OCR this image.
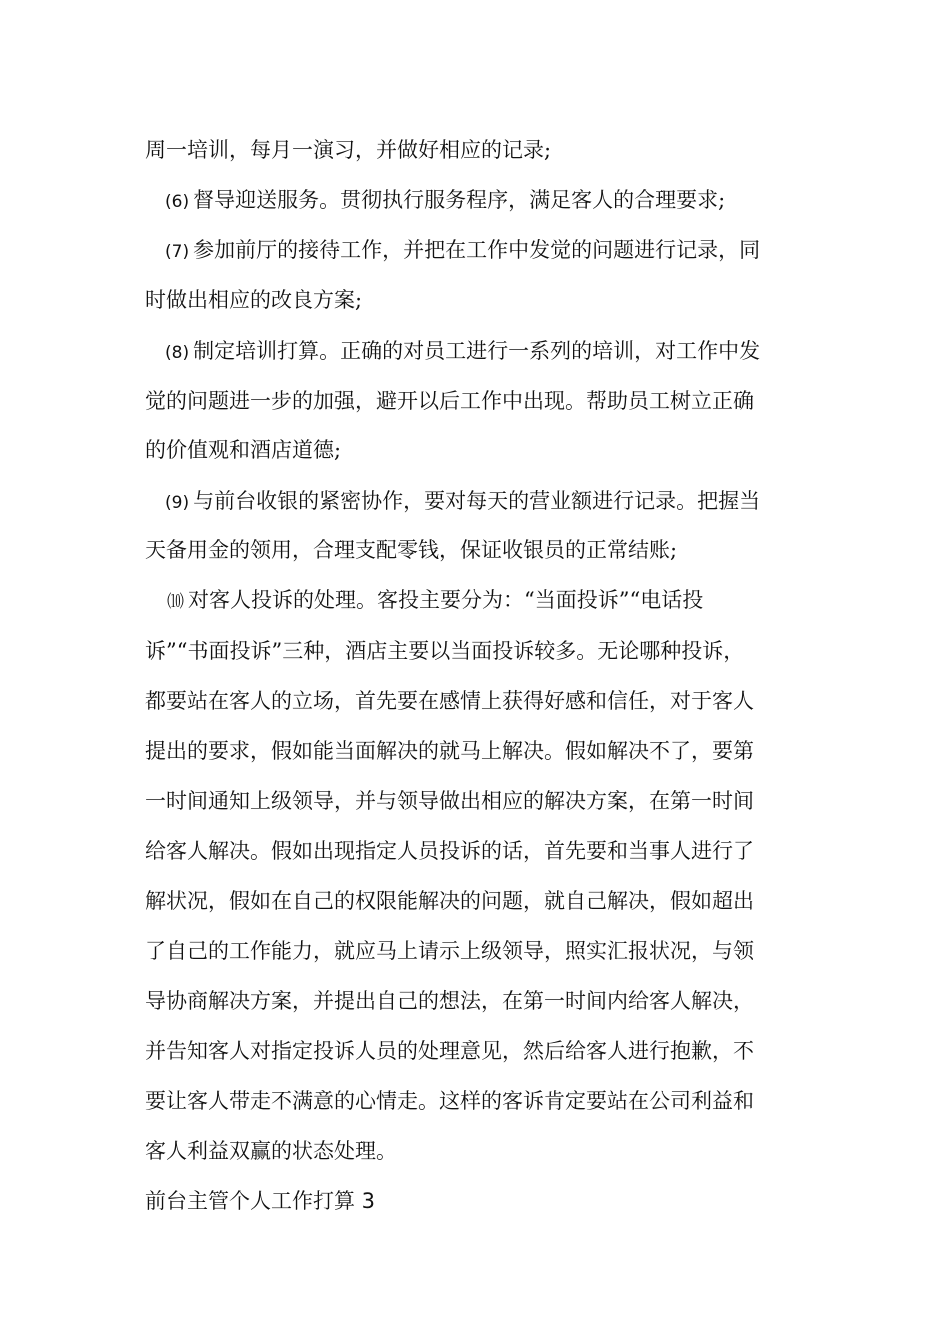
周一培训，每月一演习，并做好相应的记录;
(6) 督导迎送服务。贯彻执行服务程序，满足客人的合理要求;
(7) 参加前厅的接待工作，并把在工作中发觉的问题进行记录，同
时做出相应的改良方案;
(8) 制定培训打算。正确的对员工进行一系列的培训，对工作中发
觉的问题进一步的加强，避开以后工作中出现。帮助员工树立正确
的价值观和酒店道德;
(9) 与前台收银的紧密协作，要对每天的营业额进行记录。把握当
天备用金的领用，合理支配零钱，保证收银员的正常结账;
⑽ 对客人投诉的处理。客投主要分为：“当面投诉”“电话投
诉”“书面投诉”三种，酒店主要以当面投诉较多。无论哪种投诉，
都要站在客人的立场，首先要在感情上获得好感和信任，对于客人
提出的要求，假如能当面解决的就马上解决。假如解决不了，要第
一时间通知上级领导，并与领导做出相应的解决方案，在第一时间
给客人解决。假如出现指定人员投诉的话，首先要和当事人进行了
解状况，假如在自己的权限能解决的问题，就自己解决，假如超出
了自己的工作能力，就应马上请示上级领导，照实汇报状况，与领
导协商解决方案，并提出自己的想法，在第一时间内给客人解决，
并告知客人对指定投诉人员的处理意见，然后给客人进行抱歉，不
要让客人带走不满意的心情走。这样的客诉肯定要站在公司利益和
客人利益双赢的状态处理。
前台主管个人工作打算 3
